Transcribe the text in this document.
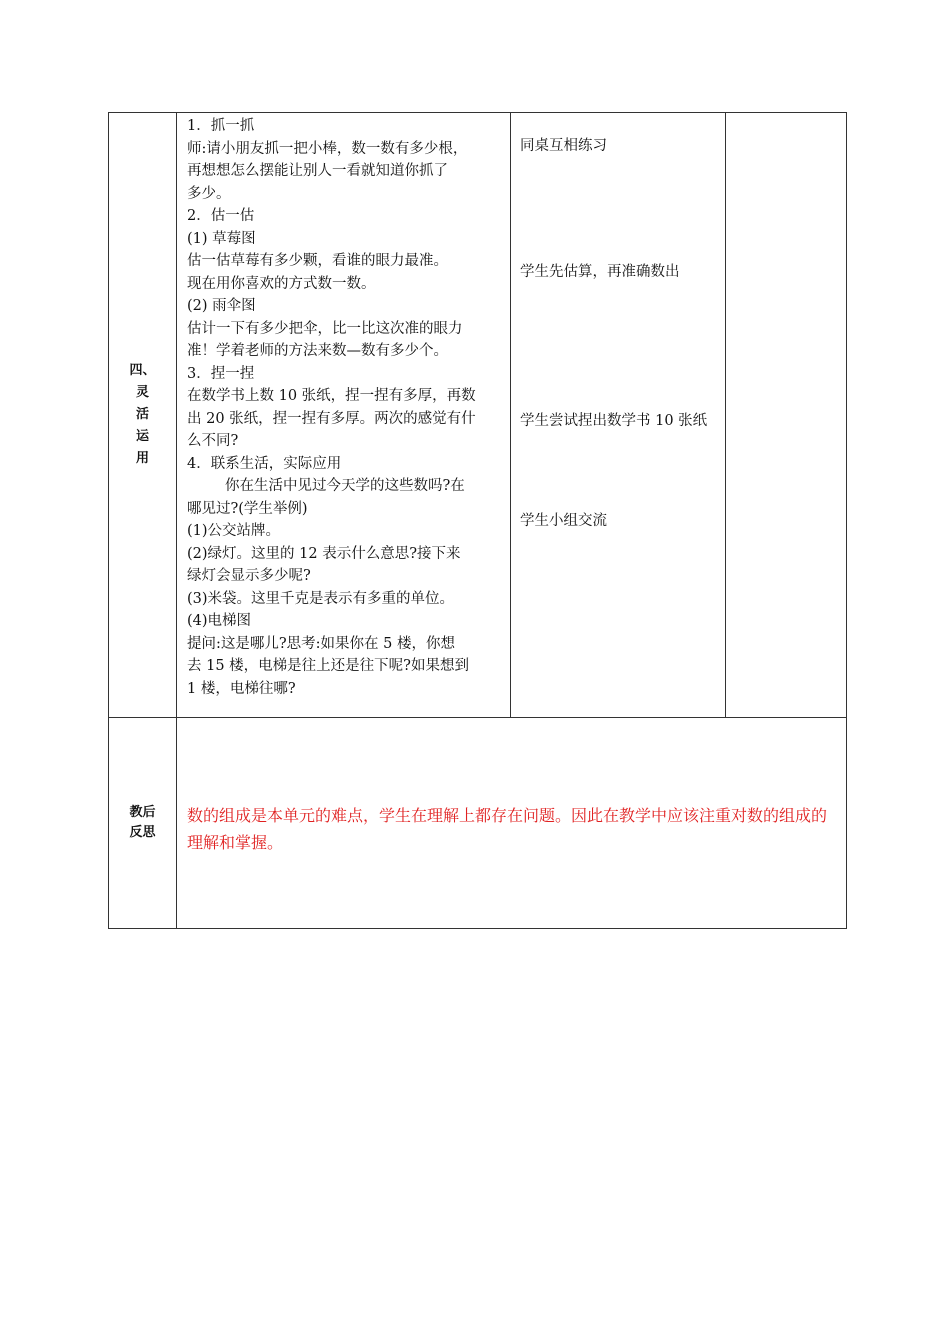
四、
灵
活
运
用
1．抓一抓
师:请小朋友抓一把小棒，数一数有多少根，
再想想怎么摆能让别人一看就知道你抓了
多少。
2．估一估
(1) 草莓图
估一估草莓有多少颗，看谁的眼力最准。
现在用你喜欢的方式数一数。
(2) 雨伞图
估计一下有多少把伞，比一比这次准的眼力
准！学着老师的方法来数—数有多少个。
3．捏一捏
在数学书上数 10 张纸，捏一捏有多厚，再数
出 20 张纸，捏一捏有多厚。两次的感觉有什
么不同?
4．联系生活，实际应用
你在生活中见过今天学的这些数吗?在
哪见过?(学生举例)
(1)公交站牌。
(2)绿灯。这里的 12 表示什么意思?接下来
绿灯会显示多少呢?
(3)米袋。这里千克是表示有多重的单位。
(4)电梯图
提问:这是哪儿?思考:如果你在 5 楼，你想
去 15 楼，电梯是往上还是往下呢?如果想到
1 楼，电梯往哪?
同桌互相练习
学生先估算，再准确数出
学生尝试捏出数学书 10 张纸
学生小组交流
教后
反思
数的组成是本单元的难点，学生在理解上都存在问题。因此在教学中应该注重对数的组成的理解和掌握。
